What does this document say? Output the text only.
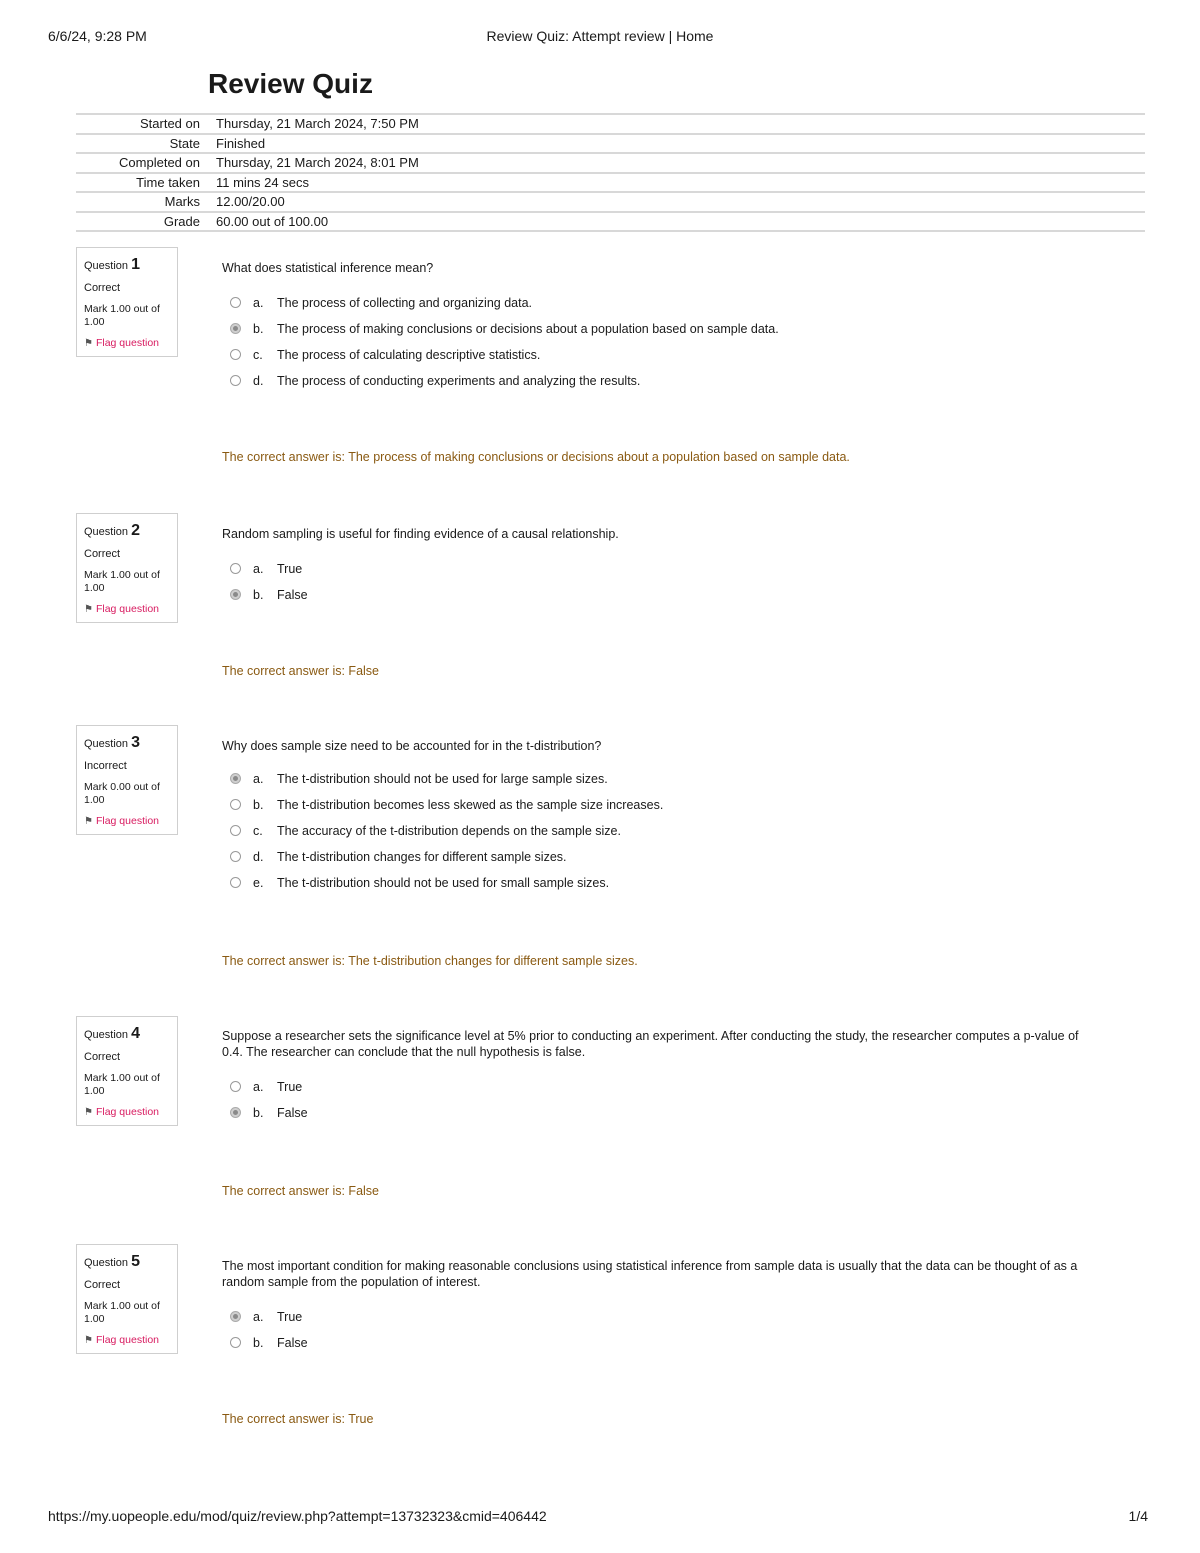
6/6/24, 9:28 PM	Review Quiz: Attempt review | Home
Review Quiz
Started on	Thursday, 21 March 2024, 7:50 PM
State	Finished
Completed on	Thursday, 21 March 2024, 8:01 PM
Time taken	11 mins 24 secs
Marks	12.00/20.00
Grade	60.00 out of 100.00
Question 1
Correct
Mark 1.00 out of 1.00
⚑ Flag question

What does statistical inference mean?

a. The process of collecting and organizing data.
b. The process of making conclusions or decisions about a population based on sample data.
c. The process of calculating descriptive statistics.
d. The process of conducting experiments and analyzing the results.
The correct answer is: The process of making conclusions or decisions about a population based on sample data.
Question 2
Correct
Mark 1.00 out of 1.00
⚑ Flag question

Random sampling is useful for finding evidence of a causal relationship.

a. True
b. False
The correct answer is: False
Question 3
Incorrect
Mark 0.00 out of 1.00
⚑ Flag question

Why does sample size need to be accounted for in the t-distribution?

a. The t-distribution should not be used for large sample sizes.
b. The t-distribution becomes less skewed as the sample size increases.
c. The accuracy of the t-distribution depends on the sample size.
d. The t-distribution changes for different sample sizes.
e. The t-distribution should not be used for small sample sizes.
The correct answer is: The t-distribution changes for different sample sizes.
Question 4
Correct
Mark 1.00 out of 1.00
⚑ Flag question

Suppose a researcher sets the significance level at 5% prior to conducting an experiment. After conducting the study, the researcher computes a p-value of 0.4. The researcher can conclude that the null hypothesis is false.

a. True
b. False
The correct answer is: False
Question 5
Correct
Mark 1.00 out of 1.00
⚑ Flag question

The most important condition for making reasonable conclusions using statistical inference from sample data is usually that the data can be thought of as a random sample from the population of interest.

a. True
b. False
The correct answer is: True
https://my.uopeople.edu/mod/quiz/review.php?attempt=13732323&cmid=406442	1/4
